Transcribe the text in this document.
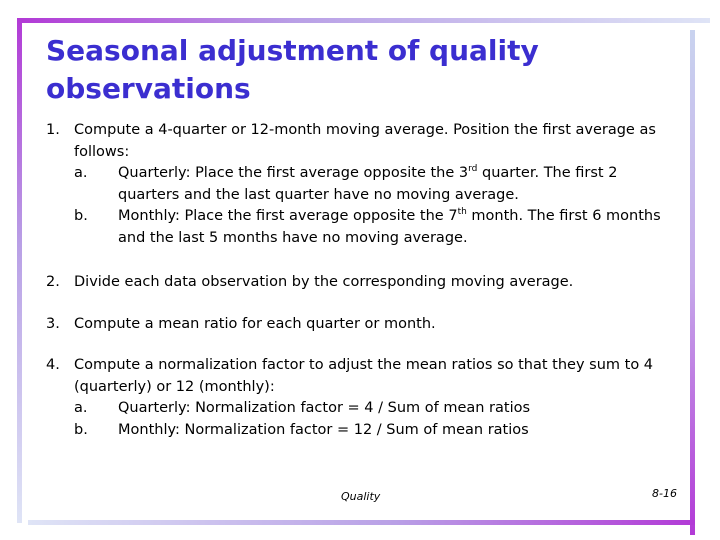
Seasonal adjustment of quality observations
1. Compute a 4-quarter or 12-month moving average. Position the first average as follows:
a. Quarterly: Place the first average opposite the 3rd quarter. The first 2 quarters and the last quarter have no moving average.
b. Monthly: Place the first average opposite the 7th month. The first 6 months and the last 5 months have no moving average.
2. Divide each data observation by the corresponding moving average.
3. Compute a mean ratio for each quarter or month.
4. Compute a normalization factor to adjust the mean ratios so that they sum to 4 (quarterly) or 12 (monthly):
a. Quarterly: Normalization factor = 4 / Sum of mean ratios
b. Monthly: Normalization factor = 12 / Sum of mean ratios
Quality	8-16
